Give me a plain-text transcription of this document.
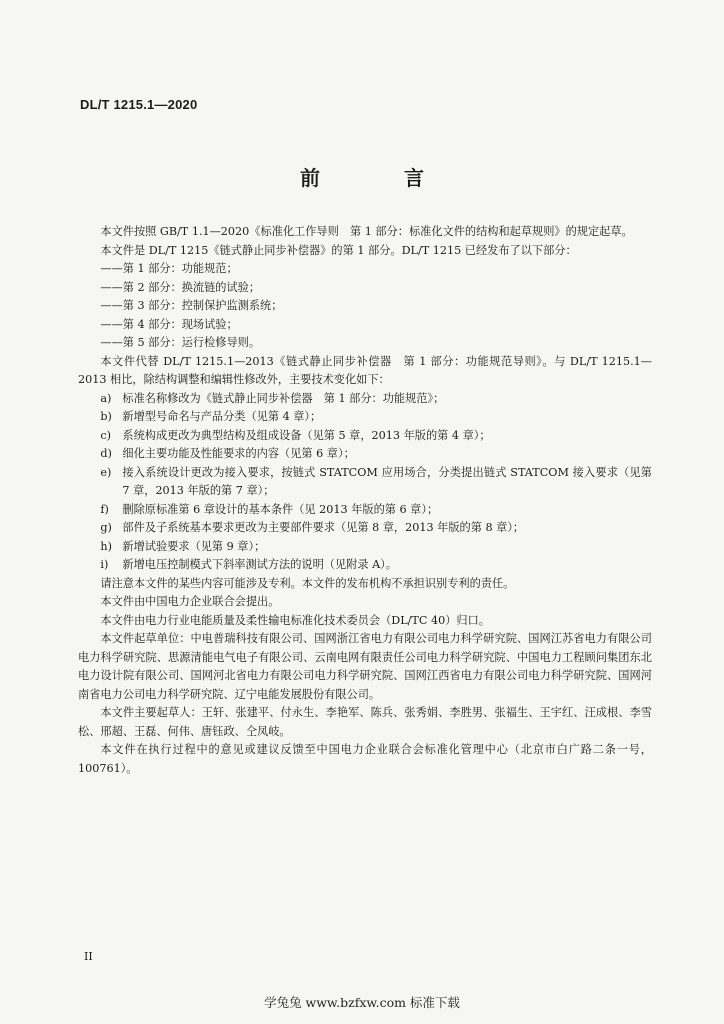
DL/T 1215.1—2020
前　言

本文件按照 GB/T 1.1—2020《标准化工作导则　第 1 部分：标准化文件的结构和起草规则》的规定起草。

本文件是 DL/T 1215《链式静止同步补偿器》的第 1 部分。DL/T 1215 已经发布了以下部分：

——第 1 部分：功能规范；

——第 2 部分：换流链的试验；

——第 3 部分：控制保护监测系统；

——第 4 部分：现场试验；

——第 5 部分：运行检修导则。

本文件代替 DL/T 1215.1—2013《链式静止同步补偿器　第 1 部分：功能规范导则》。与 DL/T 1215.1—2013 相比，除结构调整和编辑性修改外，主要技术变化如下：

a) 标准名称修改为《链式静止同步补偿器　第 1 部分：功能规范》；
b) 新增型号命名与产品分类（见第 4 章）；
c)	系统构成更改为典型结构及组成设备（见第 5 章，2013 年版的第 4 章）；
d) 细化主要功能及性能要求的内容（见第 6 章）；
e) 接入系统设计更改为接入要求，按链式 STATCOM 应用场合，分类提出链式 STATCOM 接入要求（见第 7 章，2013 年版的第 7 章）；
f)	删除原标准第 6 章设计的基本条件（见 2013 年版的第 6 章）；
g) 部件及子系统基本要求更改为主要部件要求（见第 8 章，2013 年版的第 8 章）；
h) 新增试验要求（见第 9 章）；
i)	新增电压控制模式下斜率测试方法的说明（见附录 A）。

请注意本文件的某些内容可能涉及专利。本文件的发布机构不承担识别专利的责任。

本文件由中国电力企业联合会提出。

本文件由电力行业电能质量及柔性输电标准化技术委员会（DL/TC 40）归口。

本文件起草单位：中电普瑞科技有限公司、国网浙江省电力有限公司电力科学研究院、国网江苏省电力有限公司电力科学研究院、思源清能电气电子有限公司、云南电网有限责任公司电力科学研究院、中国电力工程顾问集团东北电力设计院有限公司、国网河北省电力有限公司电力科学研究院、国网江西省电力有限公司电力科学研究院、国网河南省电力公司电力科学研究院、辽宁电能发展股份有限公司。

本文件主要起草人：王轩、张建平、付永生、李艳军、陈兵、张秀娟、李胜男、张福生、王宇红、汪成根、李雪松、邢超、王磊、何伟、唐钰政、仝凤岐。

本文件在执行过程中的意见或建议反馈至中国电力企业联合会标准化管理中心（北京市白广路二条一号，100761）。

II
学兔兔 www.bzfxw.com 标准下载
